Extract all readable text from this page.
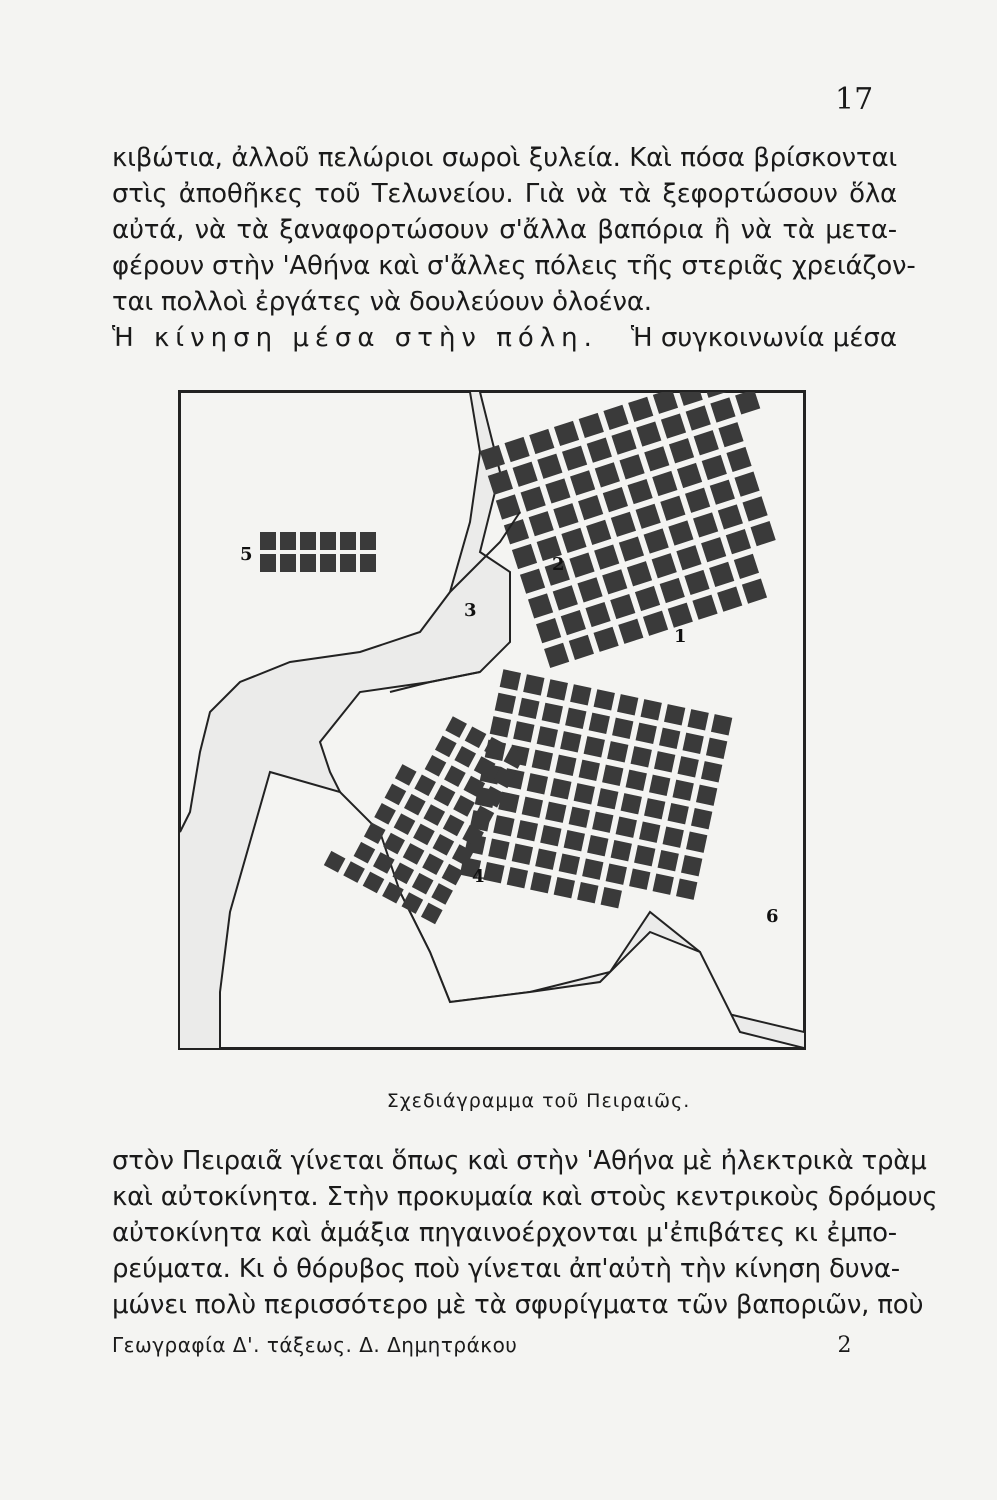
17
κιβώτια, ἀλλοῦ πελώριοι σωροὶ ξυλεία. Καὶ πόσα βρίσκονται
στὶς ἀποθῆκες τοῦ Τελωνείου. Γιὰ νὰ τὰ ξεφορτώσουν ὅλα
αὐτά, νὰ τὰ ξαναφορτώσουν σ'ἄλλα βαπόρια ἢ νὰ τὰ μετα-
φέρουν στὴν 'Αθήνα καὶ σ'ἄλλες πόλεις τῆς στεριᾶς χρειάζον-
ται πολλοὶ ἐργάτες νὰ δουλεύουν ὁλοένα.
Ἡ κίνηση μέσα στὴν πόλη. Ἡ συγκοινωνία μέσα
1
2
3
4
5
6
Σχεδιάγραμμα τοῦ Πειραιῶς.
στὸν Πειραιᾶ γίνεται ὅπως καὶ στὴν 'Αθήνα μὲ ἠλεκτρικὰ τρὰμ
καὶ αὐτοκίνητα. Στὴν προκυμαία καὶ στοὺς κεντρικοὺς δρόμους
αὐτοκίνητα καὶ ἁμάξια πηγαινοέρχονται μ'ἐπιβάτες κι ἐμπο-
ρεύματα. Κι ὁ θόρυβος ποὺ γίνεται ἀπ'αὐτὴ τὴν κίνηση δυνα-
μώνει πολὺ περισσότερο μὲ τὰ σφυρίγματα τῶν βαποριῶν, ποὺ
Γεωγραφία Δ'. τάξεως. Δ. Δημητράκου	2
